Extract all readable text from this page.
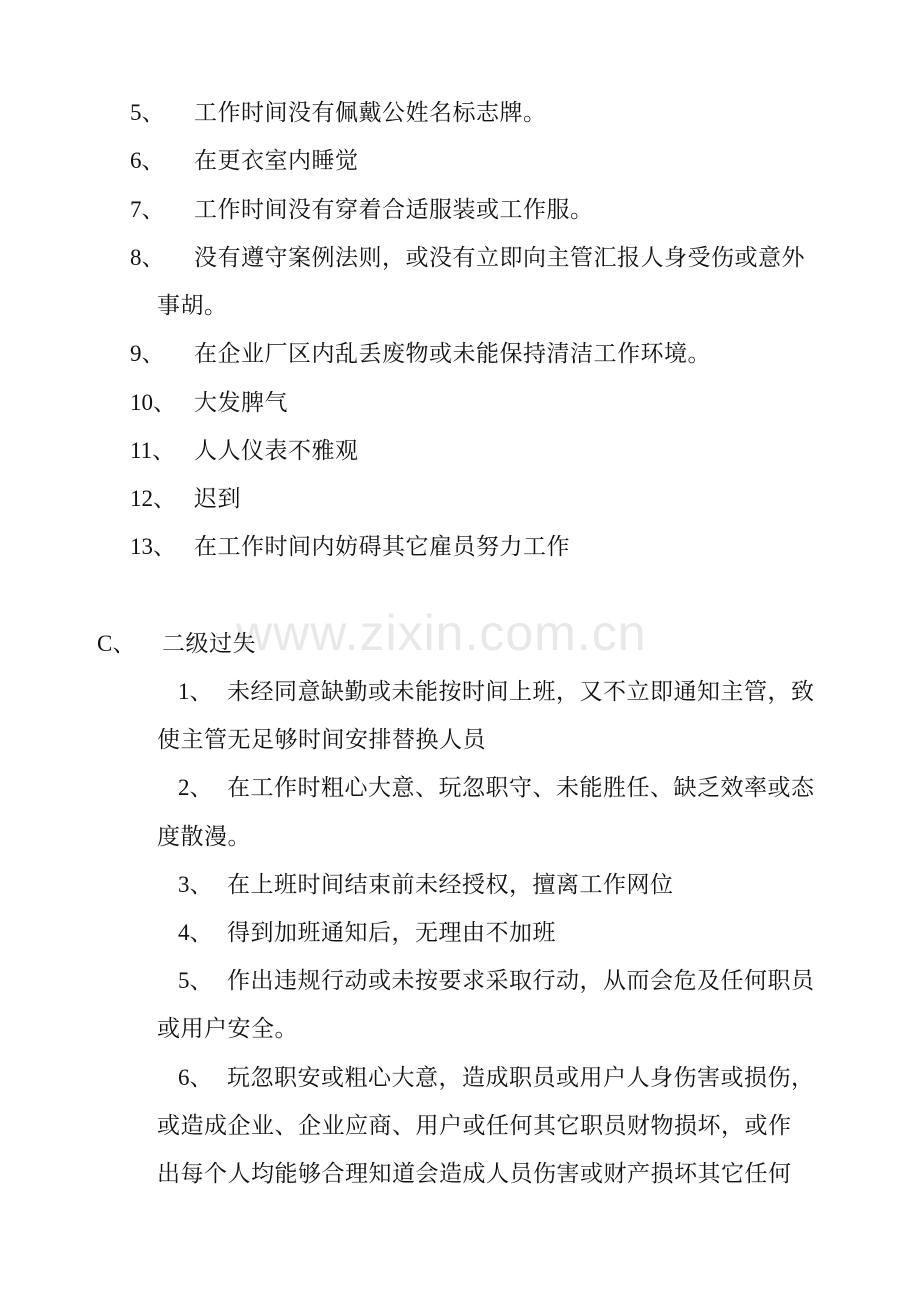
www.zixin.com.cn
5、 工作时间没有佩戴公姓名标志牌。
6、 在更衣室内睡觉
7、 工作时间没有穿着合适服装或工作服。
8、 没有遵守案例法则，或没有立即向主管汇报人身受伤或意外
事胡。
9、 在企业厂区内乱丢废物或未能保持清洁工作环境。
10、 大发脾气
11、 人人仪表不雅观
12、 迟到
13、 在工作时间内妨碍其它雇员努力工作
C、 二级过失
1、 未经同意缺勤或未能按时间上班，又不立即通知主管，致
使主管无足够时间安排替换人员
2、 在工作时粗心大意、玩忽职守、未能胜任、缺乏效率或态
度散漫。
3、 在上班时间结束前未经授权，擅离工作网位
4、 得到加班通知后，无理由不加班
5、 作出违规行动或未按要求采取行动，从而会危及任何职员
或用户安全。
6、 玩忽职安或粗心大意，造成职员或用户人身伤害或损伤，
或造成企业、企业应商、用户或任何其它职员财物损坏，或作
出每个人均能够合理知道会造成人员伤害或财产损坏其它任何
